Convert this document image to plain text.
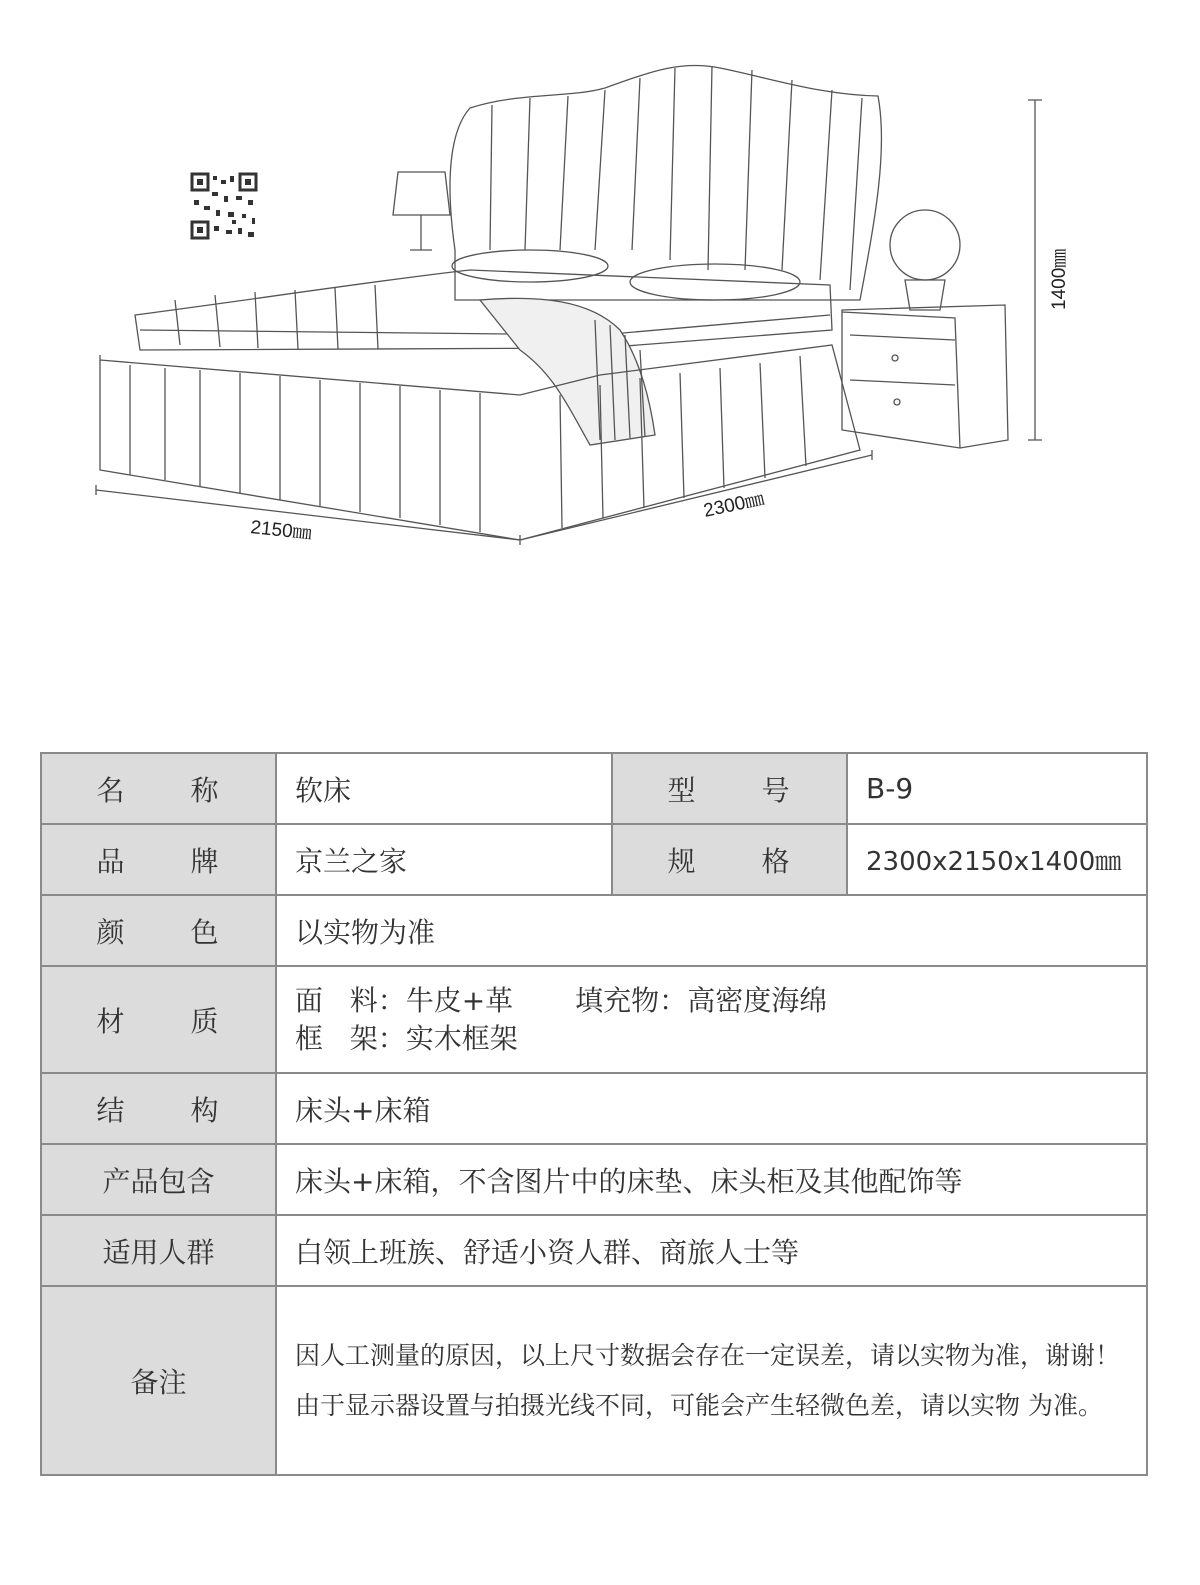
2150㎜
2300㎜
1400㎜
名 称	软床	型 号	B-9

品 牌	京兰之家	规 格	2300x2150x1400㎜

颜 色	以实物为准		

材 质	面   料：牛皮+革 填充物：高密度海绵
框   架：实木框架		

结 构	床头+床箱		
产品包含	床头+床箱，不含图片中的床垫、床头柜及其他配饰等		
适用人群	白领上班族、舒适小资人群、商旅人士等		
备注	因人工测量的原因，以上尺寸数据会存在一定误差，请以实物为准，谢谢！
由于显示器设置与拍摄光线不同，可能会产生轻微色差，请以实物 为准。		
